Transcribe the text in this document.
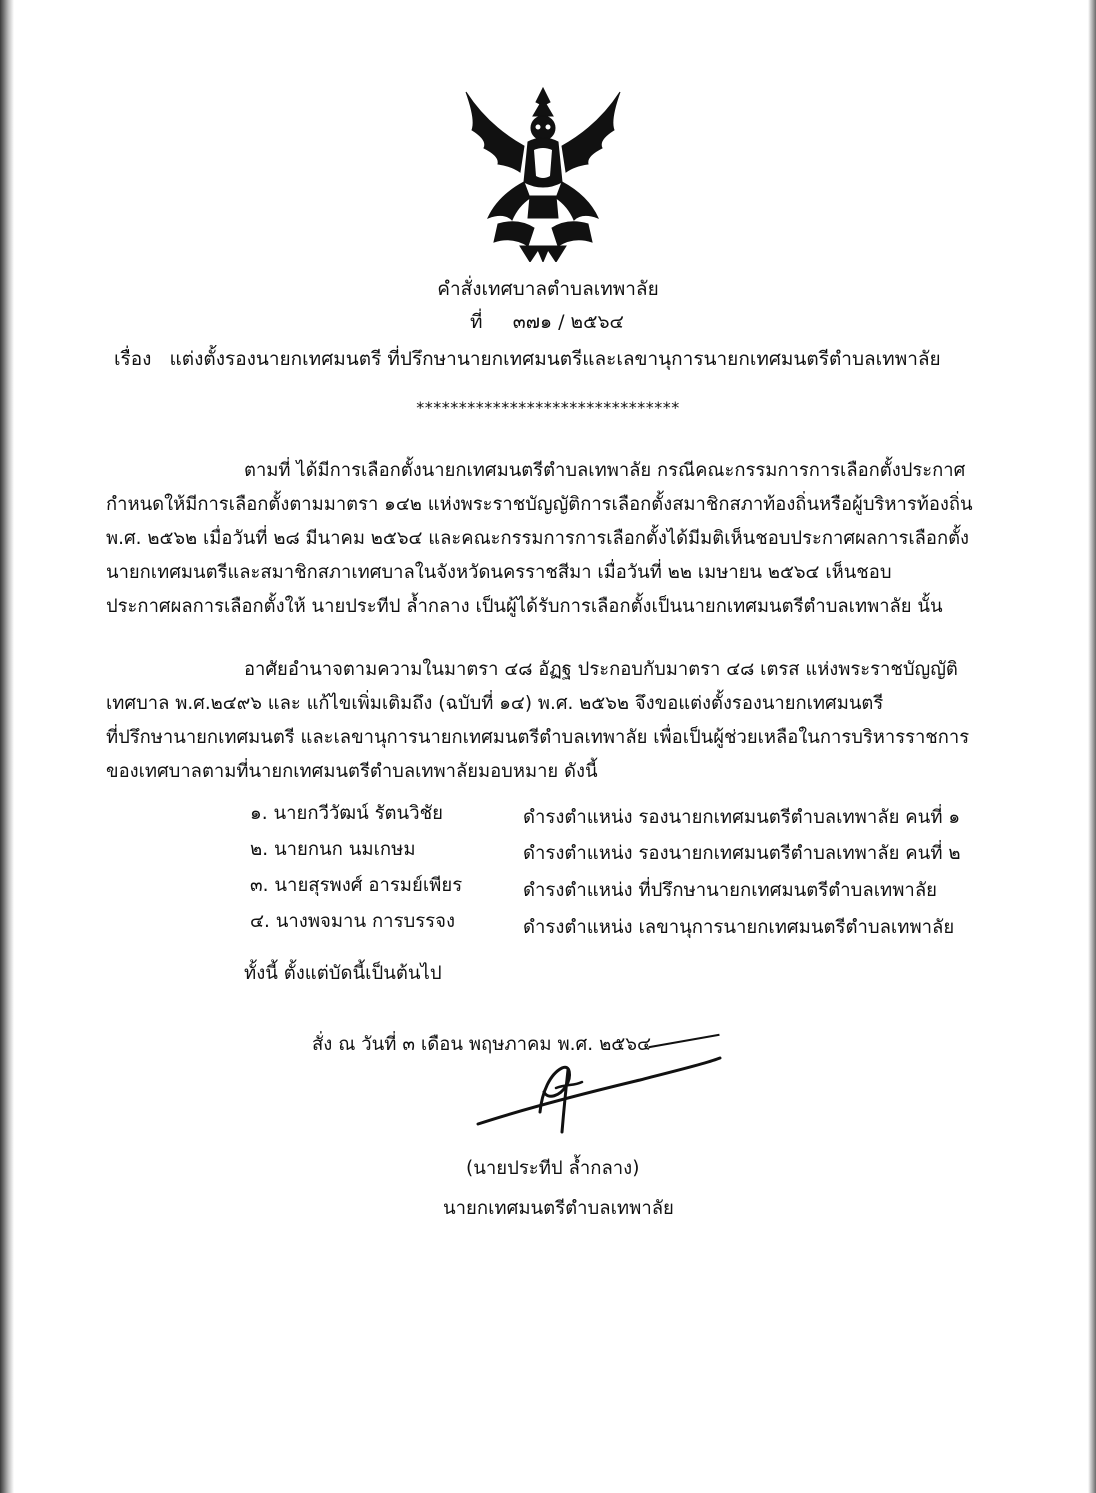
คำสั่งเทศบาลตำบลเทพาลัย
ที่ ๓๗๑ / ๒๕๖๔
เรื่อง แต่งตั้งรองนายกเทศมนตรี ที่ปรึกษานายกเทศมนตรีและเลขานุการนายกเทศมนตรีตำบลเทพาลัย
*******************************
ตามที่ ได้มีการเลือกตั้งนายกเทศมนตรีตำบลเทพาลัย กรณีคณะกรรมการการเลือกตั้งประกาศ
กำหนดให้มีการเลือกตั้งตามมาตรา ๑๔๒ แห่งพระราชบัญญัติการเลือกตั้งสมาชิกสภาท้องถิ่นหรือผู้บริหารท้องถิ่น
พ.ศ. ๒๕๖๒ เมื่อวันที่ ๒๘ มีนาคม ๒๕๖๔ และคณะกรรมการการเลือกตั้งได้มีมติเห็นชอบประกาศผลการเลือกตั้ง
นายกเทศมนตรีและสมาชิกสภาเทศบาลในจังหวัดนครราชสีมา เมื่อวันที่ ๒๒ เมษายน ๒๕๖๔ เห็นชอบ
ประกาศผลการเลือกตั้งให้ นายประทีป ล้ำกลาง เป็นผู้ได้รับการเลือกตั้งเป็นนายกเทศมนตรีตำบลเทพาลัย นั้น
อาศัยอำนาจตามความในมาตรา ๔๘ อัฏฐ ประกอบกับมาตรา ๔๘ เตรส แห่งพระราชบัญญัติ
เทศบาล พ.ศ.๒๔๙๖ และ แก้ไขเพิ่มเติมถึง (ฉบับที่ ๑๔) พ.ศ. ๒๕๖๒ จึงขอแต่งตั้งรองนายกเทศมนตรี
ที่ปรึกษานายกเทศมนตรี และเลขานุการนายกเทศมนตรีตำบลเทพาลัย เพื่อเป็นผู้ช่วยเหลือในการบริหารราชการ
ของเทศบาลตามที่นายกเทศมนตรีตำบลเทพาลัยมอบหมาย ดังนี้
๑. นายกวีวัฒน์ รัตนวิชัย	ดำรงตำแหน่ง รองนายกเทศมนตรีตำบลเทพาลัย คนที่ ๑
๒. นายกนก นมเกษม	ดำรงตำแหน่ง รองนายกเทศมนตรีตำบลเทพาลัย คนที่ ๒
๓. นายสุรพงศ์ อารมย์เพียร	ดำรงตำแหน่ง ที่ปรึกษานายกเทศมนตรีตำบลเทพาลัย
๔. นางพจมาน การบรรจง	ดำรงตำแหน่ง เลขานุการนายกเทศมนตรีตำบลเทพาลัย
ทั้งนี้ ตั้งแต่บัดนี้เป็นต้นไป
สั่ง ณ วันที่ ๓ เดือน พฤษภาคม พ.ศ. ๒๕๖๔
(นายประทีป ล้ำกลาง)
นายกเทศมนตรีตำบลเทพาลัย
